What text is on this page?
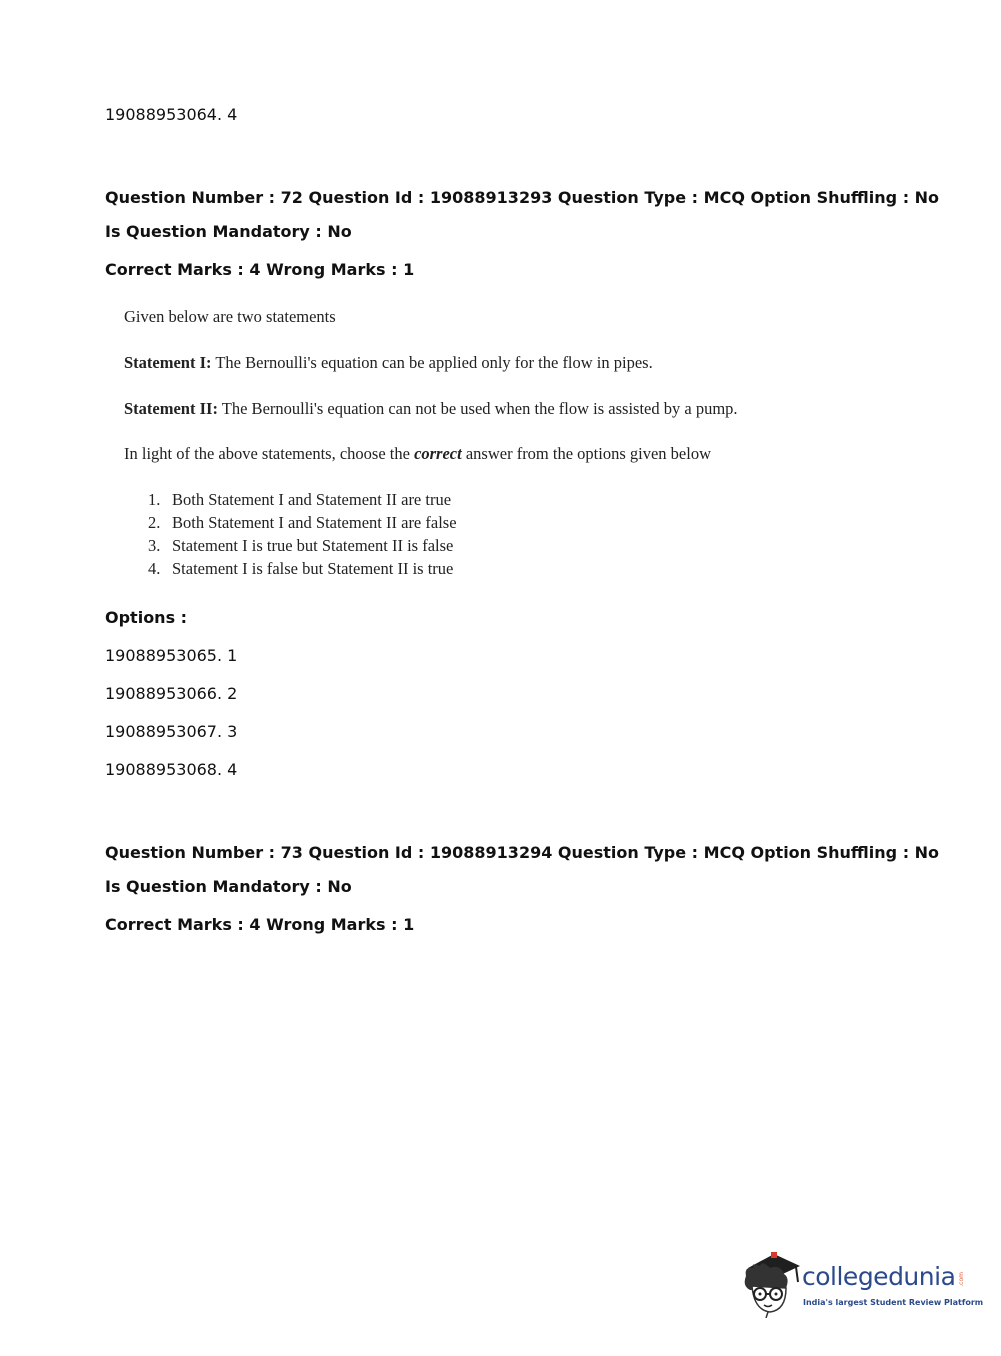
19088953064. 4
Question Number : 72 Question Id : 19088913293 Question Type : MCQ Option Shuffling : No
Is Question Mandatory : No
Correct Marks : 4 Wrong Marks : 1
Given below are two statements
Statement I: The Bernoulli's equation can be applied only for the flow in pipes.
Statement II: The Bernoulli's equation can not be used when the flow is assisted by a pump.
In light of the above statements, choose the correct answer from the options given below
1. Both Statement I and Statement II are true
2. Both Statement I and Statement II are false
3. Statement I is true but Statement II is false
4. Statement I is false but Statement II is true
Options :
19088953065. 1
19088953066. 2
19088953067. 3
19088953068. 4
Question Number : 73 Question Id : 19088913294 Question Type : MCQ Option Shuffling : No
Is Question Mandatory : No
Correct Marks : 4 Wrong Marks : 1
collegedunia .com
India's largest Student Review Platform
